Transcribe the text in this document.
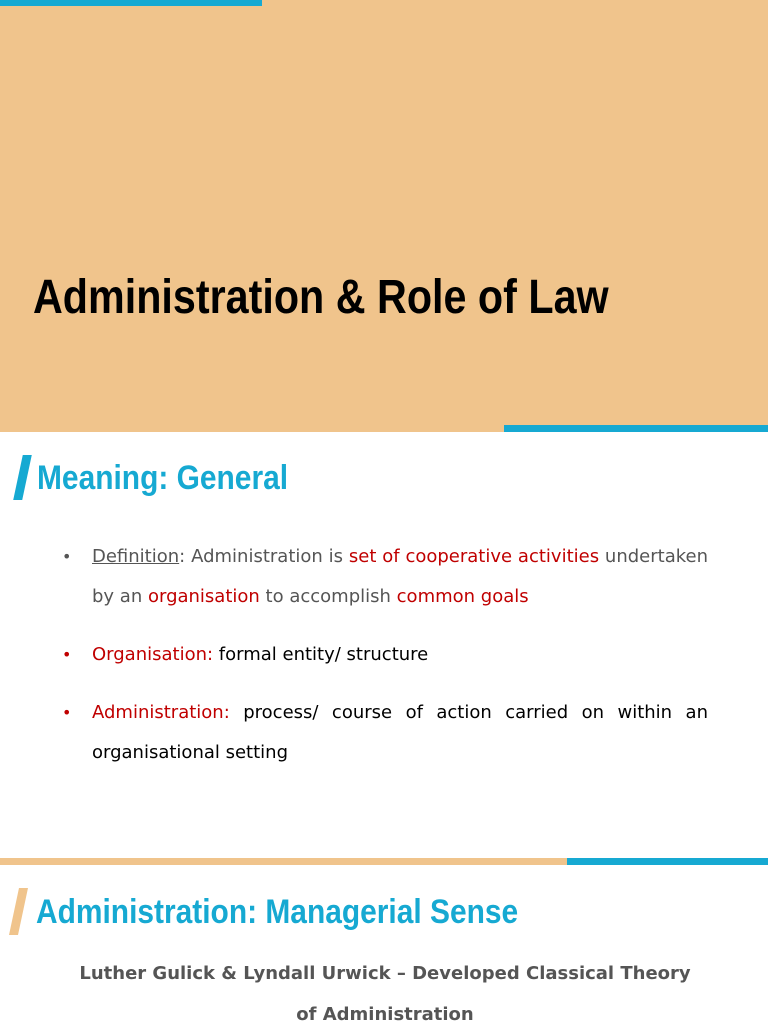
Administration & Role of Law
Meaning: General
• Definition: Administration is set of cooperative activities undertaken by an organisation to accomplish common goals
• Organisation: formal entity/ structure
• Administration: process/ course of action carried on within an organisational setting
Administration: Managerial Sense

Luther Gulick & Lyndall Urwick – Developed Classical Theory of Administration
